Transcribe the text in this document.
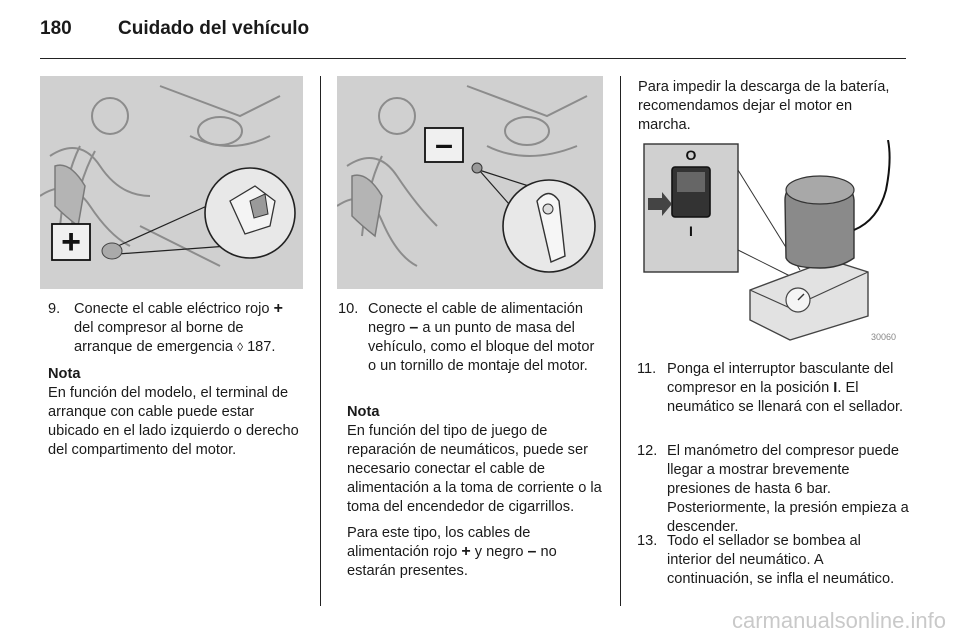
180	Cuidado del vehículo
+
–
9. Conecte el cable eléctrico rojo + del compresor al borne de arranque de emergencia ◊ 187.
Nota

En función del modelo, el terminal de arranque con cable puede estar ubicado en el lado izquierdo o derecho del compartimento del motor.

10. Conecte el cable de alimentación negro – a un punto de masa del vehículo, como el bloque del motor o un tornillo de montaje del motor.
Nota

En función del tipo de juego de reparación de neumáticos, puede ser necesario conectar el cable de alimentación a la toma de corriente o la toma del encendedor de cigarrillos.

Para este tipo, los cables de alimentación rojo + y negro – no estarán presentes.

Para impedir la descarga de la batería, recomendamos dejar el motor en marcha.
O
I
30060
11. Ponga el interruptor basculante del compresor en la posición I. El neumático se llenará con el sellador.
12. El manómetro del compresor puede llegar a mostrar brevemente presiones de hasta 6 bar. Posteriormente, la presión empieza a descender.
13. Todo el sellador se bombea al interior del neumático. A continuación, se infla el neumático.
carmanualsonline.info
